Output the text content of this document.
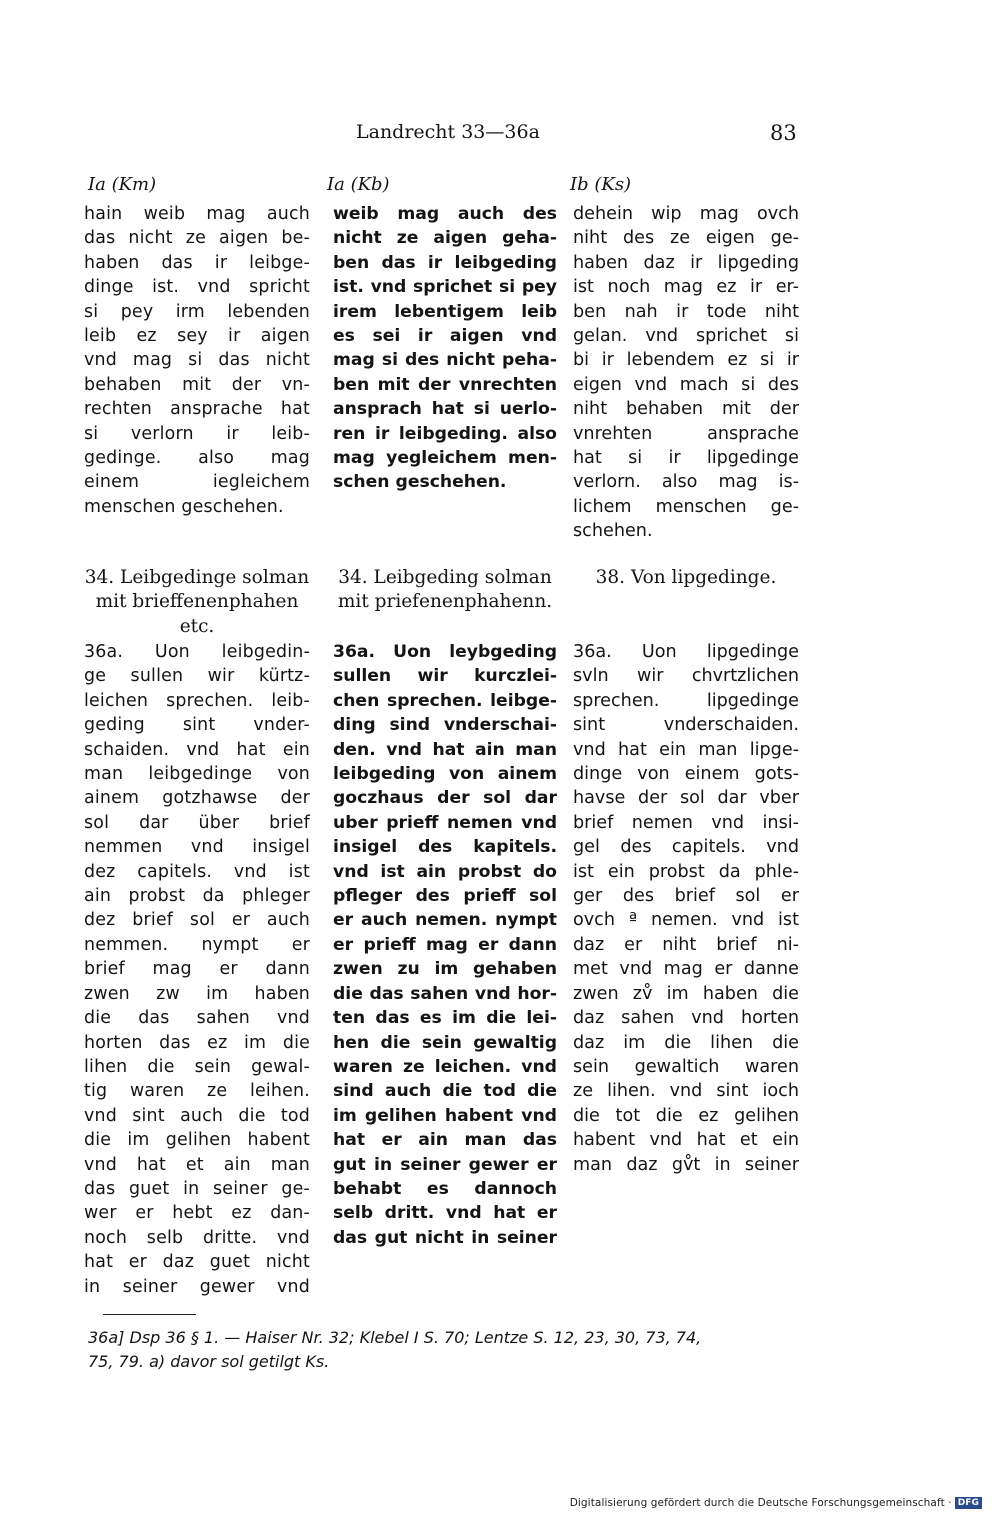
Landrecht 33—36a	83
Ia (Km)	Ia (Kb)	Ib (Ks)
hain weib mag auch
das nicht ze aigen be-
haben das ir leibge-
dinge ist. vnd spricht
si pey irm lebenden
leib ez sey ir aigen
vnd mag si das nicht
behaben mit der vn-
rechten ansprache hat
si verlorn ir leib-
gedinge. also mag
einem iegleichem
menschen geschehen.
34. Leibgedinge solman mit brieffenenphahen etc.
36a. Uon leibgedin-
ge sullen wir kürtz-
leichen sprechen. leib-
geding sint vnder-
schaiden. vnd hat ein
man leibgedinge von
ainem gotzhawse der
sol dar über brief
nemmen vnd insigel
dez capitels. vnd ist
ain probst da phleger
dez brief sol er auch
nemmen. nympt er
brief mag er dann
zwen zw im haben
die das sahen vnd
horten das ez im die
lihen die sein gewal-
tig waren ze leihen.
vnd sint auch die tod
die im gelihen habent
vnd hat et ain man
das guet in seiner ge-
wer er hebt ez dan-
noch selb dritte. vnd
hat er daz guet nicht
in seiner gewer vnd
weib mag auch des
nicht ze aigen geha-
ben das ir leibgeding
ist. vnd sprichet si pey
irem lebentigem leib
es sei ir aigen vnd
mag si des nicht peha-
ben mit der vnrechten
ansprach hat si uerlo-
ren ir leibgeding. also
mag yegleichem men-
schen geschehen.
34. Leibgeding solman mit priefenenphahenn.
36a. Uon leybgeding
sullen wir kurczlei-
chen sprechen. leibge-
ding sind vnderschai-
den. vnd hat ain man
leibgeding von ainem
goczhaus der sol dar
uber prieff nemen vnd
insigel des kapitels.
vnd ist ain probst do
pfleger des prieff sol
er auch nemen. nympt
er prieff mag er dann
zwen zu im gehaben
die das sahen vnd hor-
ten das es im die lei-
hen die sein gewaltig
waren ze leichen. vnd
sind auch die tod die
im gelihen habent vnd
hat er ain man das
gut in seiner gewer er
behabt es dannoch
selb dritt. vnd hat er
das gut nicht in seiner
dehein wip mag ovch
niht des ze eigen ge-
haben daz ir lipgeding
ist noch mag ez ir er-
ben nah ir tode niht
gelan. vnd sprichet si
bi ir lebendem ez si ir
eigen vnd mach si des
niht behaben mit der
vnrehten ansprache
hat si ir lipgedinge
verlorn. also mag is-
lichem menschen ge-
schehen.
38. Von lipgedinge.
36a. Uon lipgedinge
svln wir chvrtzlichen
sprechen. lipgedinge
sint vnderschaiden.
vnd hat ein man lipge-
dinge von einem gots-
havse der sol dar vber
brief nemen vnd insi-
gel des capitels. vnd
ist ein probst da phle-
ger des brief sol er
ovch ª nemen. vnd ist
daz er niht brief ni-
met vnd mag er danne
zwen zv̊ im haben die
daz sahen vnd horten
daz im die lihen die
sein gewaltich waren
ze lihen. vnd sint ioch
die tot die ez gelihen
habent vnd hat et ein
man daz gv̊t in seiner
36a] Dsp 36 § 1. — Haiser Nr. 32; Klebel I S. 70; Lentze S. 12, 23, 30, 73, 74,
75, 79. a) davor sol getilgt Ks.
Digitalisierung gefördert durch die Deutsche Forschungsgemeinschaft · DFG
